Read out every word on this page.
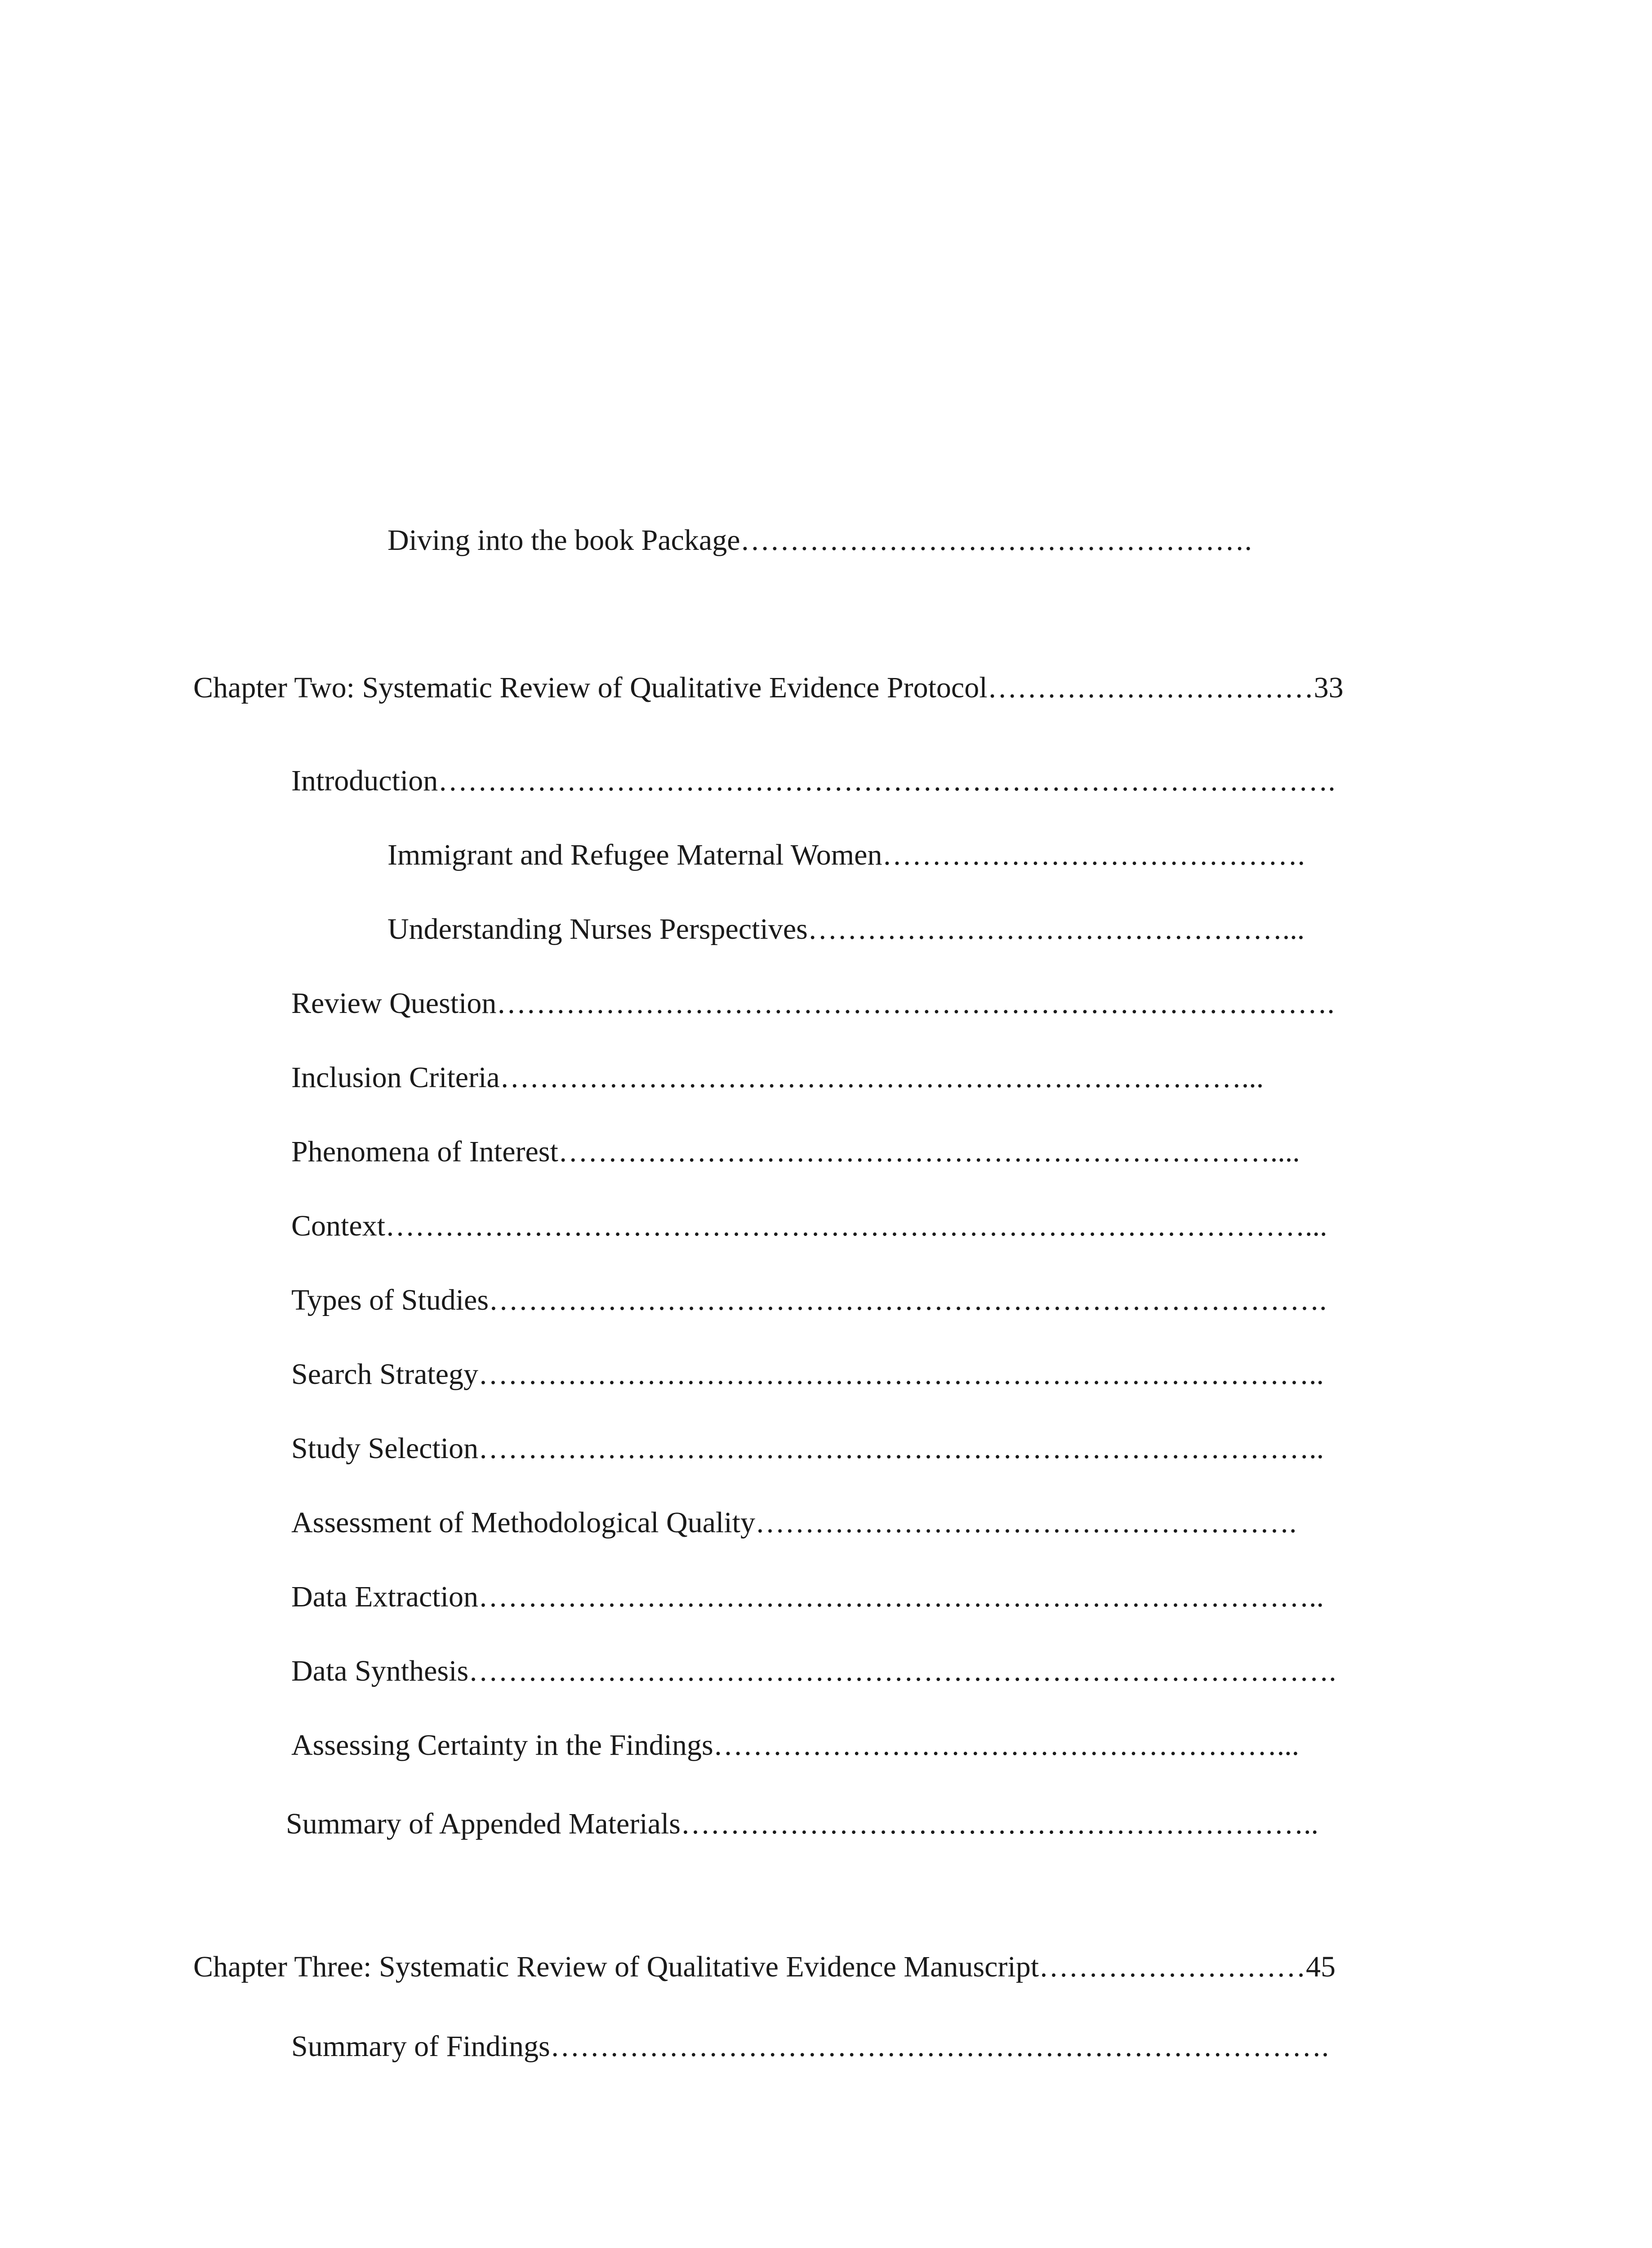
Diving into the book Package…………………………………………….
Chapter Two: Systematic Review of Qualitative Evidence Protocol……………………………33
Introduction……………………………………………………………………………….
Immigrant and Refugee Maternal Women…………………………………….
Understanding Nurses Perspectives…………………………………………...
Review Question………………………………………………………………………….
Inclusion Criteria…………………………………………………………………...
Phenomena of Interest………………………………………………………………....
Context…………………………………………………………………………………...
Types of Studies………………………………………………………………………….
Search Strategy…………………………………………………………………………..
Study Selection…………………………………………………………………………..
Assessment of Methodological Quality……………………………………………….
Data Extraction…………………………………………………………………………..
Data Synthesis…………………………………………………………………………….
Assessing Certainty in the Findings…………………………………………………...
Summary of Appended Materials………………………………………………………..
Chapter Three: Systematic Review of Qualitative Evidence Manuscript………………………45
Summary of Findings…………………………………………………………………….
